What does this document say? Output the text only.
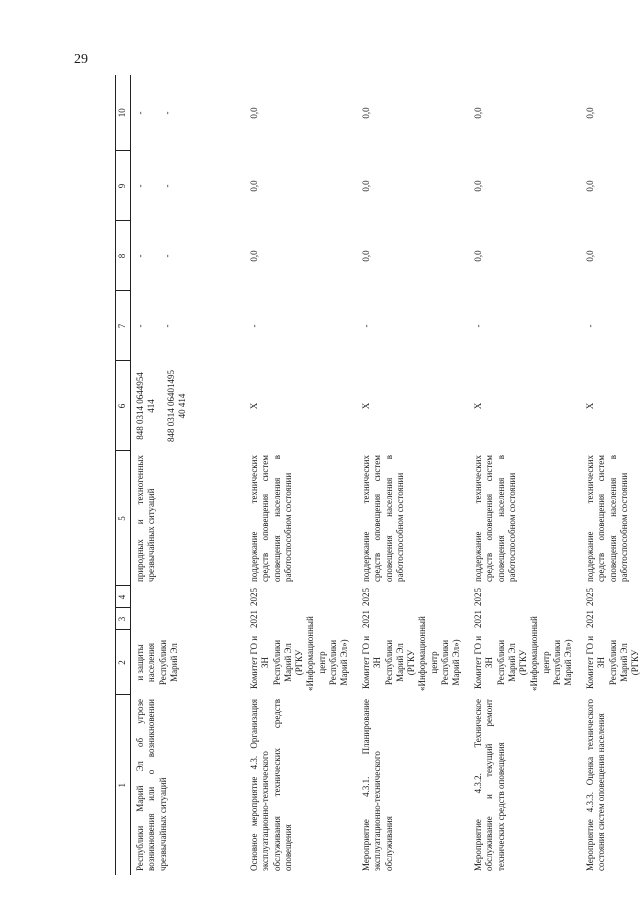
29
1	2	3	4	5	6	7	8	9	10
Республики Марий Эл об угрозе возникновения или о возникновении чрезвычайных ситуаций	и защиты населения Республики Марий Эл			природных и техногенных чрезвычайных ситуаций	848 0314 0644954 414 848 0314 06401495 40 414	- -	- -	- -	- -

Основное мероприятие 4.3. Организация эксплуатационно-технического обслуживания технических средств оповещения	Комитет ГО и ЗН Республики Марий Эл (РГКУ «Информационный центр Республики Марий Эл»)	2021	2025	поддержание технических средств оповещения систем оповещения населения в работоспособном состоянии	Х	-	0,0	0,0	0,0
Мероприятие 4.3.1. Планирование эксплуатационно-технического обслуживания	Комитет ГО и ЗН Республики Марий Эл (РГКУ «Информационный центр Республики Марий Эл»)	2021	2025	поддержание технических средств оповещения систем оповещения населения в работоспособном состоянии	Х	-	0,0	0,0	0,0
Мероприятие 4.3.2. Техническое обслуживание и текущий ремонт технических средств оповещения	Комитет ГО и ЗН Республики Марий Эл (РГКУ «Информационный центр Республики Марий Эл»)	2021	2025	поддержание технических средств оповещения систем оповещения населения в работоспособном состоянии	Х	-	0,0	0,0	0,0
Мероприятие 4.3.3. Оценка технического состояния систем оповещения населения	Комитет ГО и ЗН Республики Марий Эл (РГКУ	2021	2025	поддержание технических средств оповещения систем оповещения населения в работоспособном состоянии	Х	-	0,0	0,0	0,0
